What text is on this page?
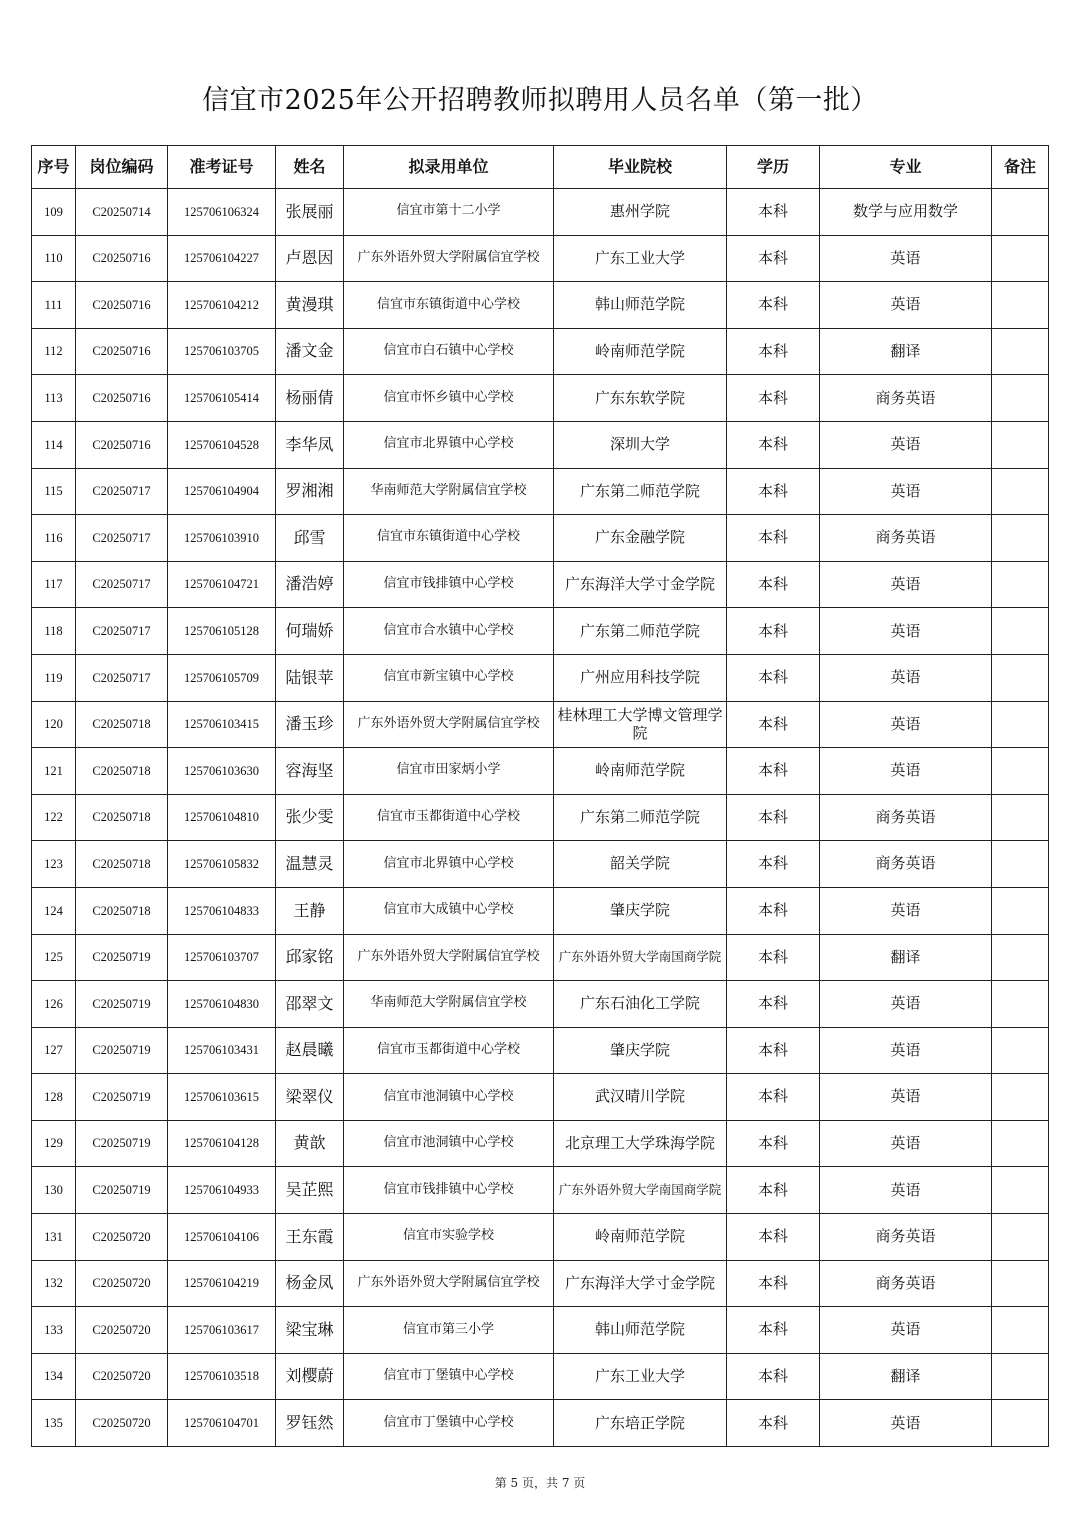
信宜市2025年公开招聘教师拟聘用人员名单（第一批）
序号	岗位编码	准考证号	姓名	拟录用单位	毕业院校	学历	专业	备注
109	C20250714	125706106324	张展丽	信宜市第十二小学	惠州学院	本科	数学与应用数学	
110	C20250716	125706104227	卢恩因	广东外语外贸大学附属信宜学校	广东工业大学	本科	英语	
111	C20250716	125706104212	黄漫琪	信宜市东镇街道中心学校	韩山师范学院	本科	英语	
112	C20250716	125706103705	潘文金	信宜市白石镇中心学校	岭南师范学院	本科	翻译	
113	C20250716	125706105414	杨丽倩	信宜市怀乡镇中心学校	广东东软学院	本科	商务英语	
114	C20250716	125706104528	李华凤	信宜市北界镇中心学校	深圳大学	本科	英语	
115	C20250717	125706104904	罗湘湘	华南师范大学附属信宜学校	广东第二师范学院	本科	英语	
116	C20250717	125706103910	邱雪	信宜市东镇街道中心学校	广东金融学院	本科	商务英语	
117	C20250717	125706104721	潘浩婷	信宜市钱排镇中心学校	广东海洋大学寸金学院	本科	英语	
118	C20250717	125706105128	何瑞娇	信宜市合水镇中心学校	广东第二师范学院	本科	英语	
119	C20250717	125706105709	陆银苹	信宜市新宝镇中心学校	广州应用科技学院	本科	英语	
120	C20250718	125706103415	潘玉珍	广东外语外贸大学附属信宜学校	桂林理工大学博文管理学院	本科	英语	
121	C20250718	125706103630	容海坚	信宜市田家炳小学	岭南师范学院	本科	英语	
122	C20250718	125706104810	张少雯	信宜市玉都街道中心学校	广东第二师范学院	本科	商务英语	
123	C20250718	125706105832	温慧灵	信宜市北界镇中心学校	韶关学院	本科	商务英语	
124	C20250718	125706104833	王静	信宜市大成镇中心学校	肇庆学院	本科	英语	
125	C20250719	125706103707	邱家铭	广东外语外贸大学附属信宜学校	广东外语外贸大学南国商学院	本科	翻译	
126	C20250719	125706104830	邵翠文	华南师范大学附属信宜学校	广东石油化工学院	本科	英语	
127	C20250719	125706103431	赵晨曦	信宜市玉都街道中心学校	肇庆学院	本科	英语	
128	C20250719	125706103615	梁翠仪	信宜市池洞镇中心学校	武汉晴川学院	本科	英语	
129	C20250719	125706104128	黄歆	信宜市池洞镇中心学校	北京理工大学珠海学院	本科	英语	
130	C20250719	125706104933	吴芷熙	信宜市钱排镇中心学校	广东外语外贸大学南国商学院	本科	英语	
131	C20250720	125706104106	王东霞	信宜市实验学校	岭南师范学院	本科	商务英语	
132	C20250720	125706104219	杨金凤	广东外语外贸大学附属信宜学校	广东海洋大学寸金学院	本科	商务英语	
133	C20250720	125706103617	梁宝琳	信宜市第三小学	韩山师范学院	本科	英语	
134	C20250720	125706103518	刘樱蔚	信宜市丁堡镇中心学校	广东工业大学	本科	翻译	
135	C20250720	125706104701	罗钰然	信宜市丁堡镇中心学校	广东培正学院	本科	英语	
第 5 页，共 7 页
